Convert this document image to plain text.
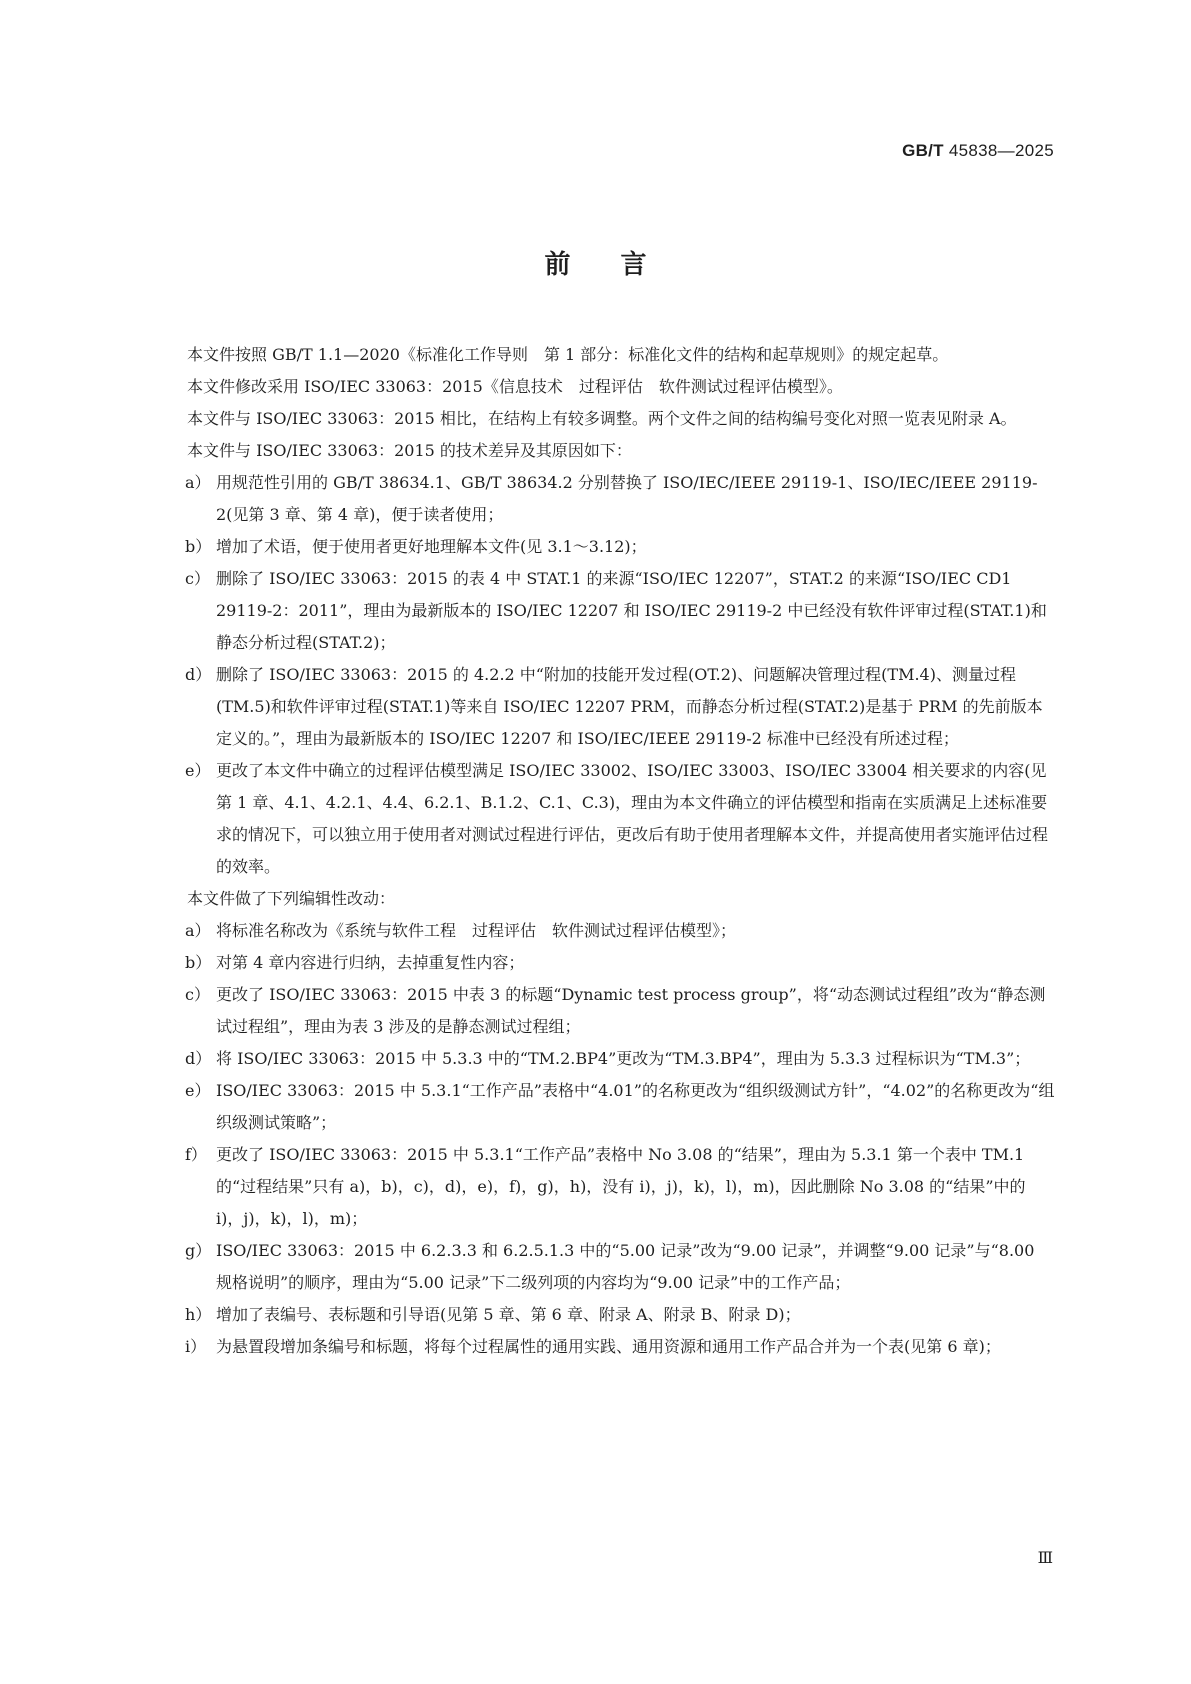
GB/T 45838—2025
前言

本文件按照 GB/T 1.1—2020《标准化工作导则　第 1 部分：标准化文件的结构和起草规则》的规定起草。

本文件修改采用 ISO/IEC 33063：2015《信息技术　过程评估　软件测试过程评估模型》。

本文件与 ISO/IEC 33063：2015 相比，在结构上有较多调整。两个文件之间的结构编号变化对照一览表见附录 A。

本文件与 ISO/IEC 33063：2015 的技术差异及其原因如下：

a） 用规范性引用的 GB/T 38634.1、GB/T 38634.2 分别替换了 ISO/IEC/IEEE 29119-1、ISO/IEC/IEEE 29119-2(见第 3 章、第 4 章)，便于读者使用；
b） 增加了术语，便于使用者更好地理解本文件(见 3.1～3.12)；
c） 删除了 ISO/IEC 33063：2015 的表 4 中 STAT.1 的来源“ISO/IEC 12207”，STAT.2 的来源“ISO/IEC CD1 29119-2：2011”，理由为最新版本的 ISO/IEC 12207 和 ISO/IEC 29119-2 中已经没有软件评审过程(STAT.1)和静态分析过程(STAT.2)；
d） 删除了 ISO/IEC 33063：2015 的 4.2.2 中“附加的技能开发过程(OT.2)、问题解决管理过程(TM.4)、测量过程(TM.5)和软件评审过程(STAT.1)等来自 ISO/IEC 12207 PRM，而静态分析过程(STAT.2)是基于 PRM 的先前版本定义的。”，理由为最新版本的 ISO/IEC 12207 和 ISO/IEC/IEEE 29119-2 标准中已经没有所述过程；
e） 更改了本文件中确立的过程评估模型满足 ISO/IEC 33002、ISO/IEC 33003、ISO/IEC 33004 相关要求的内容(见第 1 章、4.1、4.2.1、4.4、6.2.1、B.1.2、C.1、C.3)，理由为本文件确立的评估模型和指南在实质满足上述标准要求的情况下，可以独立用于使用者对测试过程进行评估，更改后有助于使用者理解本文件，并提高使用者实施评估过程的效率。

本文件做了下列编辑性改动：

a） 将标准名称改为《系统与软件工程　过程评估　软件测试过程评估模型》；
b） 对第 4 章内容进行归纳，去掉重复性内容；
c） 更改了 ISO/IEC 33063：2015 中表 3 的标题“Dynamic test process group”，将“动态测试过程组”改为“静态测试过程组”，理由为表 3 涉及的是静态测试过程组；
d） 将 ISO/IEC 33063：2015 中 5.3.3 中的“TM.2.BP4”更改为“TM.3.BP4”，理由为 5.3.3 过程标识为“TM.3”；
e） ISO/IEC 33063：2015 中 5.3.1“工作产品”表格中“4.01”的名称更改为“组织级测试方针”，“4.02”的名称更改为“组织级测试策略”；
f） 更改了 ISO/IEC 33063：2015 中 5.3.1“工作产品”表格中 No 3.08 的“结果”，理由为 5.3.1 第一个表中 TM.1 的“过程结果”只有 a)，b)，c)，d)，e)，f)，g)，h)，没有 i)，j)，k)，l)，m)，因此删除 No 3.08 的“结果”中的 i)，j)，k)，l)，m)；
g） ISO/IEC 33063：2015 中 6.2.3.3 和 6.2.5.1.3 中的“5.00 记录”改为“9.00 记录”，并调整“9.00 记录”与“8.00 规格说明”的顺序，理由为“5.00 记录”下二级列项的内容均为“9.00 记录”中的工作产品；
h） 增加了表编号、表标题和引导语(见第 5 章、第 6 章、附录 A、附录 B、附录 D)；
i） 为悬置段增加条编号和标题，将每个过程属性的通用实践、通用资源和通用工作产品合并为一个表(见第 6 章)；
Ⅲ
